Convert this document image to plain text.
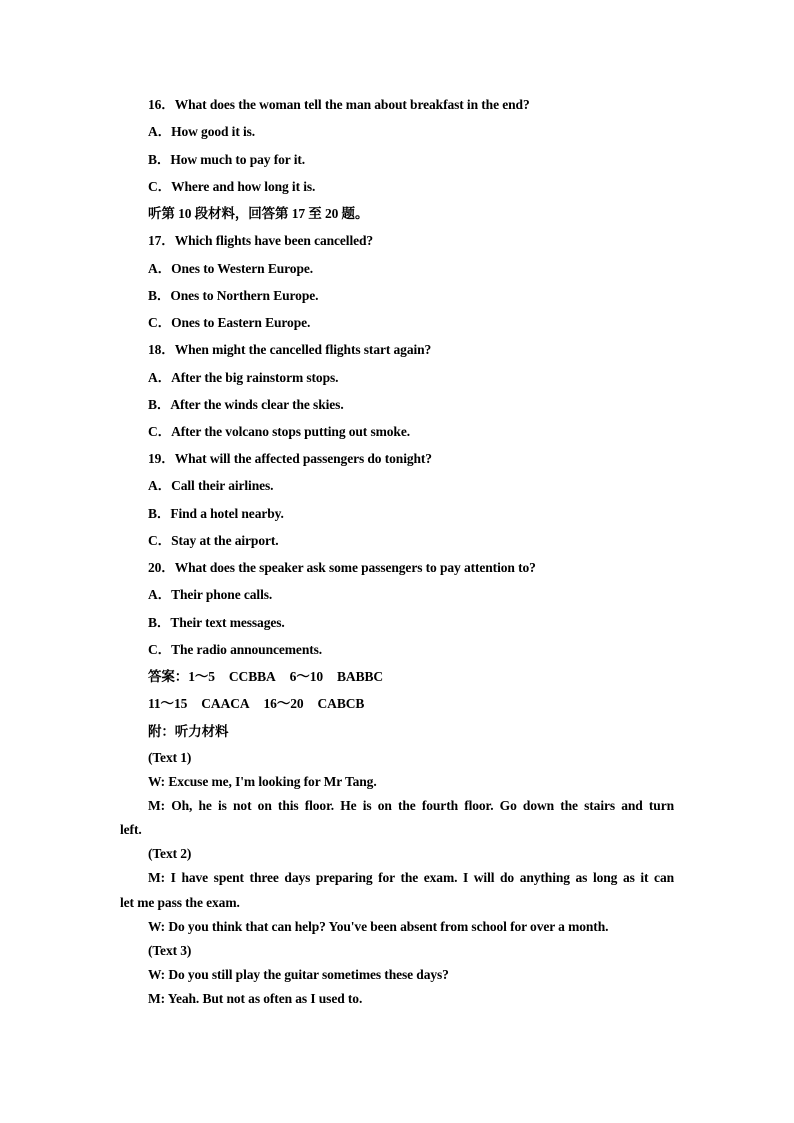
16．What does the woman tell the man about breakfast in the end?
A．How good it is.
B．How much to pay for it.
C．Where and how long it is.
听第 10 段材料，回答第 17 至 20 题。
17．Which flights have been cancelled?
A．Ones to Western Europe.
B．Ones to Northern Europe.
C．Ones to Eastern Europe.
18．When might the cancelled flights start again?
A．After the big rainstorm stops.
B．After the winds clear the skies.
C．After the volcano stops putting out smoke.
19．What will the affected passengers do tonight?
A．Call their airlines.
B．Find a hotel nearby.
C．Stay at the airport.
20．What does the speaker ask some passengers to pay attention to?
A．Their phone calls.
B．Their text messages.
C．The radio announcements.
答案：1～5 CCBBA 6～10 BABBC
11～15 CAACA 16～20 CABCB
附：听力材料
(Text 1)
W: Excuse me, I'm looking for Mr Tang.
M: Oh, he is not on this floor. He is on the fourth floor. Go down the stairs and turn
left.
(Text 2)
M: I have spent three days preparing for the exam. I will do anything as long as it can
let me pass the exam.
W: Do you think that can help? You've been absent from school for over a month.
(Text 3)
W: Do you still play the guitar sometimes these days?
M: Yeah. But not as often as I used to.
